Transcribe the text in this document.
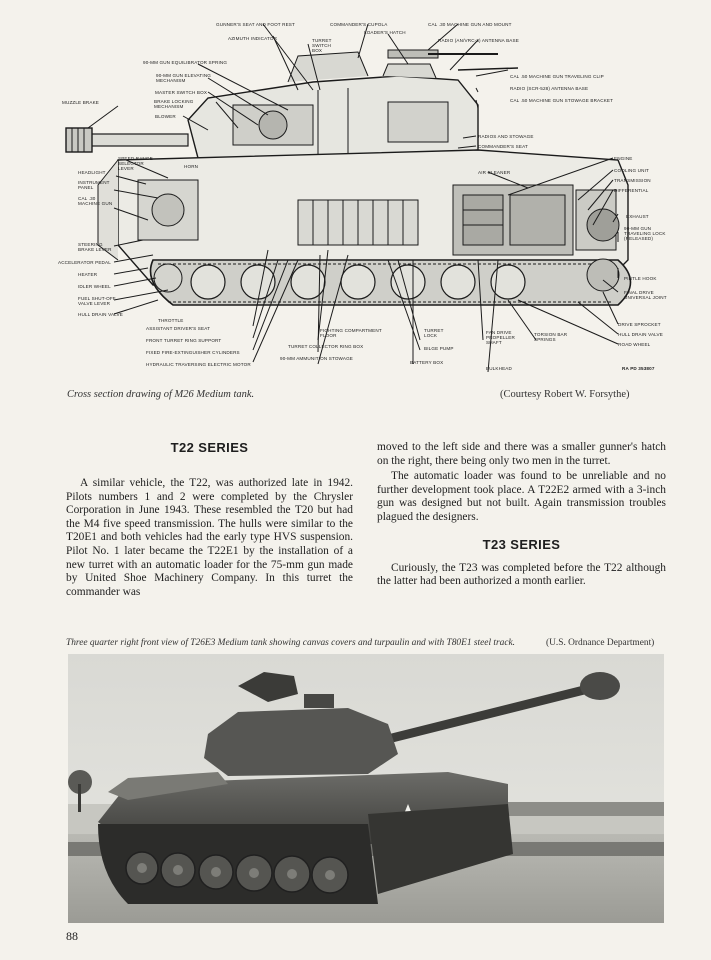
GUNNER'S SEAT AND FOOT REST	COMMANDER'S CUPOLA	CAL .30 MACHINE GUN AND MOUNT
LOADER'S HATCH
AZIMUTH INDICATOR	TURRET SWITCH BOX
RADIO (AN/VRC-3) ANTENNA BASE
90-MM GUN EQUILIBRATOR SPRING
90-MM GUN ELEVATING MECHANISM
MASTER SWITCH BOX
BRAKE LOCKING MECHANISM
BLOWER
MUZZLE BRAKE
CAL .50 MACHINE GUN TRAVELING CLIP
RADIO (SCR-528) ANTENNA BASE
CAL .50 MACHINE GUN STOWAGE BRACKET
RADIOS AND STOWAGE
COMMANDER'S SEAT
SPEED RANGE SELECTOR LEVER	HORN
HEADLIGHT
INSTRUMENT PANEL
CAL .30 MACHINE GUN
STEERING BRAKE LEVER
ACCELERATOR PEDAL
HEATER
IDLER WHEEL
FUEL SHUT-OFF VALVE LEVER
HULL DRAIN VALVE
THROTTLE
AIR CLEANER
ENGINE
COOLING UNIT
TRANSMISSION
DIFFERENTIAL
EXHAUST
90-MM GUN TRAVELING LOCK (RELEASED)
PINTLE HOOK
FINAL DRIVE UNIVERSAL JOINT
DRIVE SPROCKET
HULL DRAIN VALVE
ROAD WHEEL
RA PD 353807
ASSISTANT DRIVER'S SEAT
FRONT TURRET RING SUPPORT
FIXED FIRE-EXTINGUISHER CYLINDERS
HYDRAULIC TRAVERSING ELECTRIC MOTOR
FIGHTING COMPARTMENT FLOOR
TURRET COLLECTOR RING BOX
90-MM AMMUNITION STOWAGE
TURRET LOCK
BILGE PUMP
BATTERY BOX
FAN DRIVE PROPELLER SHAFT
TORSION BAR SPRINGS
BULKHEAD
Cross section drawing of M26 Medium tank.	(Courtesy Robert W. Forsythe)
T22 SERIES

A similar vehicle, the T22, was authorized late in 1942. Pilots numbers 1 and 2 were completed by the Chrysler Corporation in June 1943. These resembled the T20 but had the M4 five speed transmission. The hulls were similar to the T20E1 and both vehicles had the early type HVS suspension. Pilot No. 1 later became the T22E1 by the installation of a new turret with an automatic loader for the 75-mm gun made by United Shoe Machinery Company. In this turret the commander was

moved to the left side and there was a smaller gunner's hatch on the right, there being only two men in the turret.

The automatic loader was found to be unreliable and no further development took place. A T22E2 armed with a 3-inch gun was designed but not built. Again transmission troubles plagued the designers.

T23 SERIES

Curiously, the T23 was completed before the T22 although the latter had been authorized a month earlier.

Three quarter right front view of T26E3 Medium tank showing canvas covers and turpaulin and with T80E1 steel track.	(U.S. Ordnance Department)
88
